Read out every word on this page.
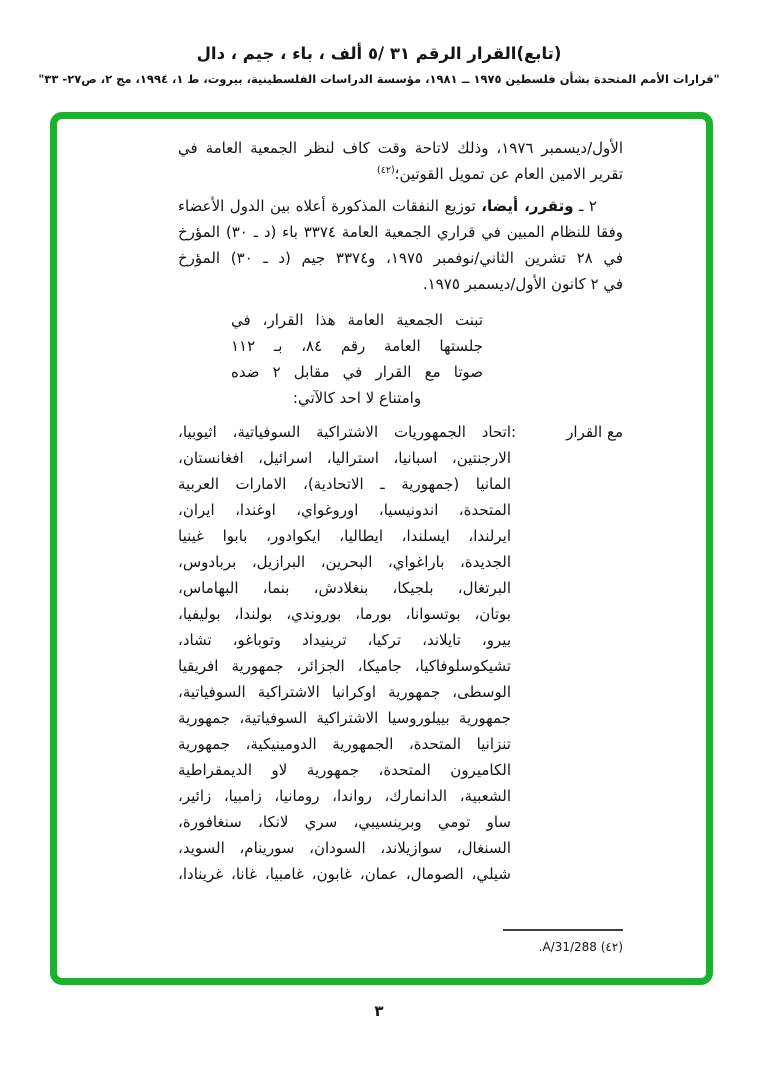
(تابع)القرار الرقم ٣١ /٥ ألف ، باء ، جيم ، دال
"قرارات الأمم المتحدة بشأن فلسطين ١٩٧٥ ــ ١٩٨١، مؤسسة الدراسات الفلسطينية، بيروت، ط ١، ١٩٩٤، مج ٢، ص٢٧- ٣٣"
الأول/ديسمبر ١٩٧٦، وذلك لاتاحة وقت كاف لنظر الجمعية العامة في
تقرير الامين العام عن تمويل القوتين؛$^{(٤٢)}$
٢ ـ وتقرر، أيضا، توزيع النفقات المذكورة أعلاه بين الدول الأعضاء
وفقا للنظام المبين في قراري الجمعية العامة ٣٣٧٤ باء (د ـ ٣٠) المؤرخ
في ٢٨ تشرين الثاني/نوفمبر ١٩٧٥، و٣٣٧٤ جيم (د ـ ٣٠) المؤرخ
في ٢ كانون الأول/ديسمبر ١٩٧٥.
تبنت الجمعية العامة هذا القرار، في
جلستها العامة رقم ٨٤، بـ ١١٢
صوتا مع القرار في مقابل ٢ ضده
وامتناع لا احد كالآتي:
مع القرار
:
اتحاد الجمهوريات الاشتراكية السوفياتية، اثيوبيا،
الارجنتين، اسبانيا، استراليا، اسرائيل، افغانستان،
المانيا (جمهورية ـ الاتحادية)، الامارات العربية
المتحدة، اندونيسيا، اوروغواي، اوغندا، ايران،
ايرلندا، ايسلندا، ايطاليا، ايكوادور، بابوا غينيا
الجديدة، باراغواي، البحرين، البرازيل، بربادوس،
البرتغال، بلجيكا، بنغلادش، بنما، البهاماس،
بوتان، بوتسوانا، بورما، بوروندي، بولندا، بوليفيا،
بيرو، تايلاند، تركيا، ترينيداد وتوباغو، تشاد،
تشيكوسلوفاكيا، جاميكا، الجزائر، جمهورية افريقيا
الوسطى، جمهورية اوكرانيا الاشتراكية السوفياتية،
جمهورية بييلوروسيا الاشتراكية السوفياتية، جمهورية
تنزانيا المتحدة، الجمهورية الدومينيكية، جمهورية
الكاميرون المتحدة، جمهورية لاو الديمقراطية
الشعبية، الدانمارك، رواندا، رومانيا، زامبيا، زائير،
ساو تومي وبرينسيبي، سري لانكا، سنغافورة،
السنغال، سوازيلاند، السودان، سورينام، السويد،
شيلي، الصومال، عمان، غابون، غامبيا، غانا، غرينادا،
(٤٢) A/31/288.
٣
